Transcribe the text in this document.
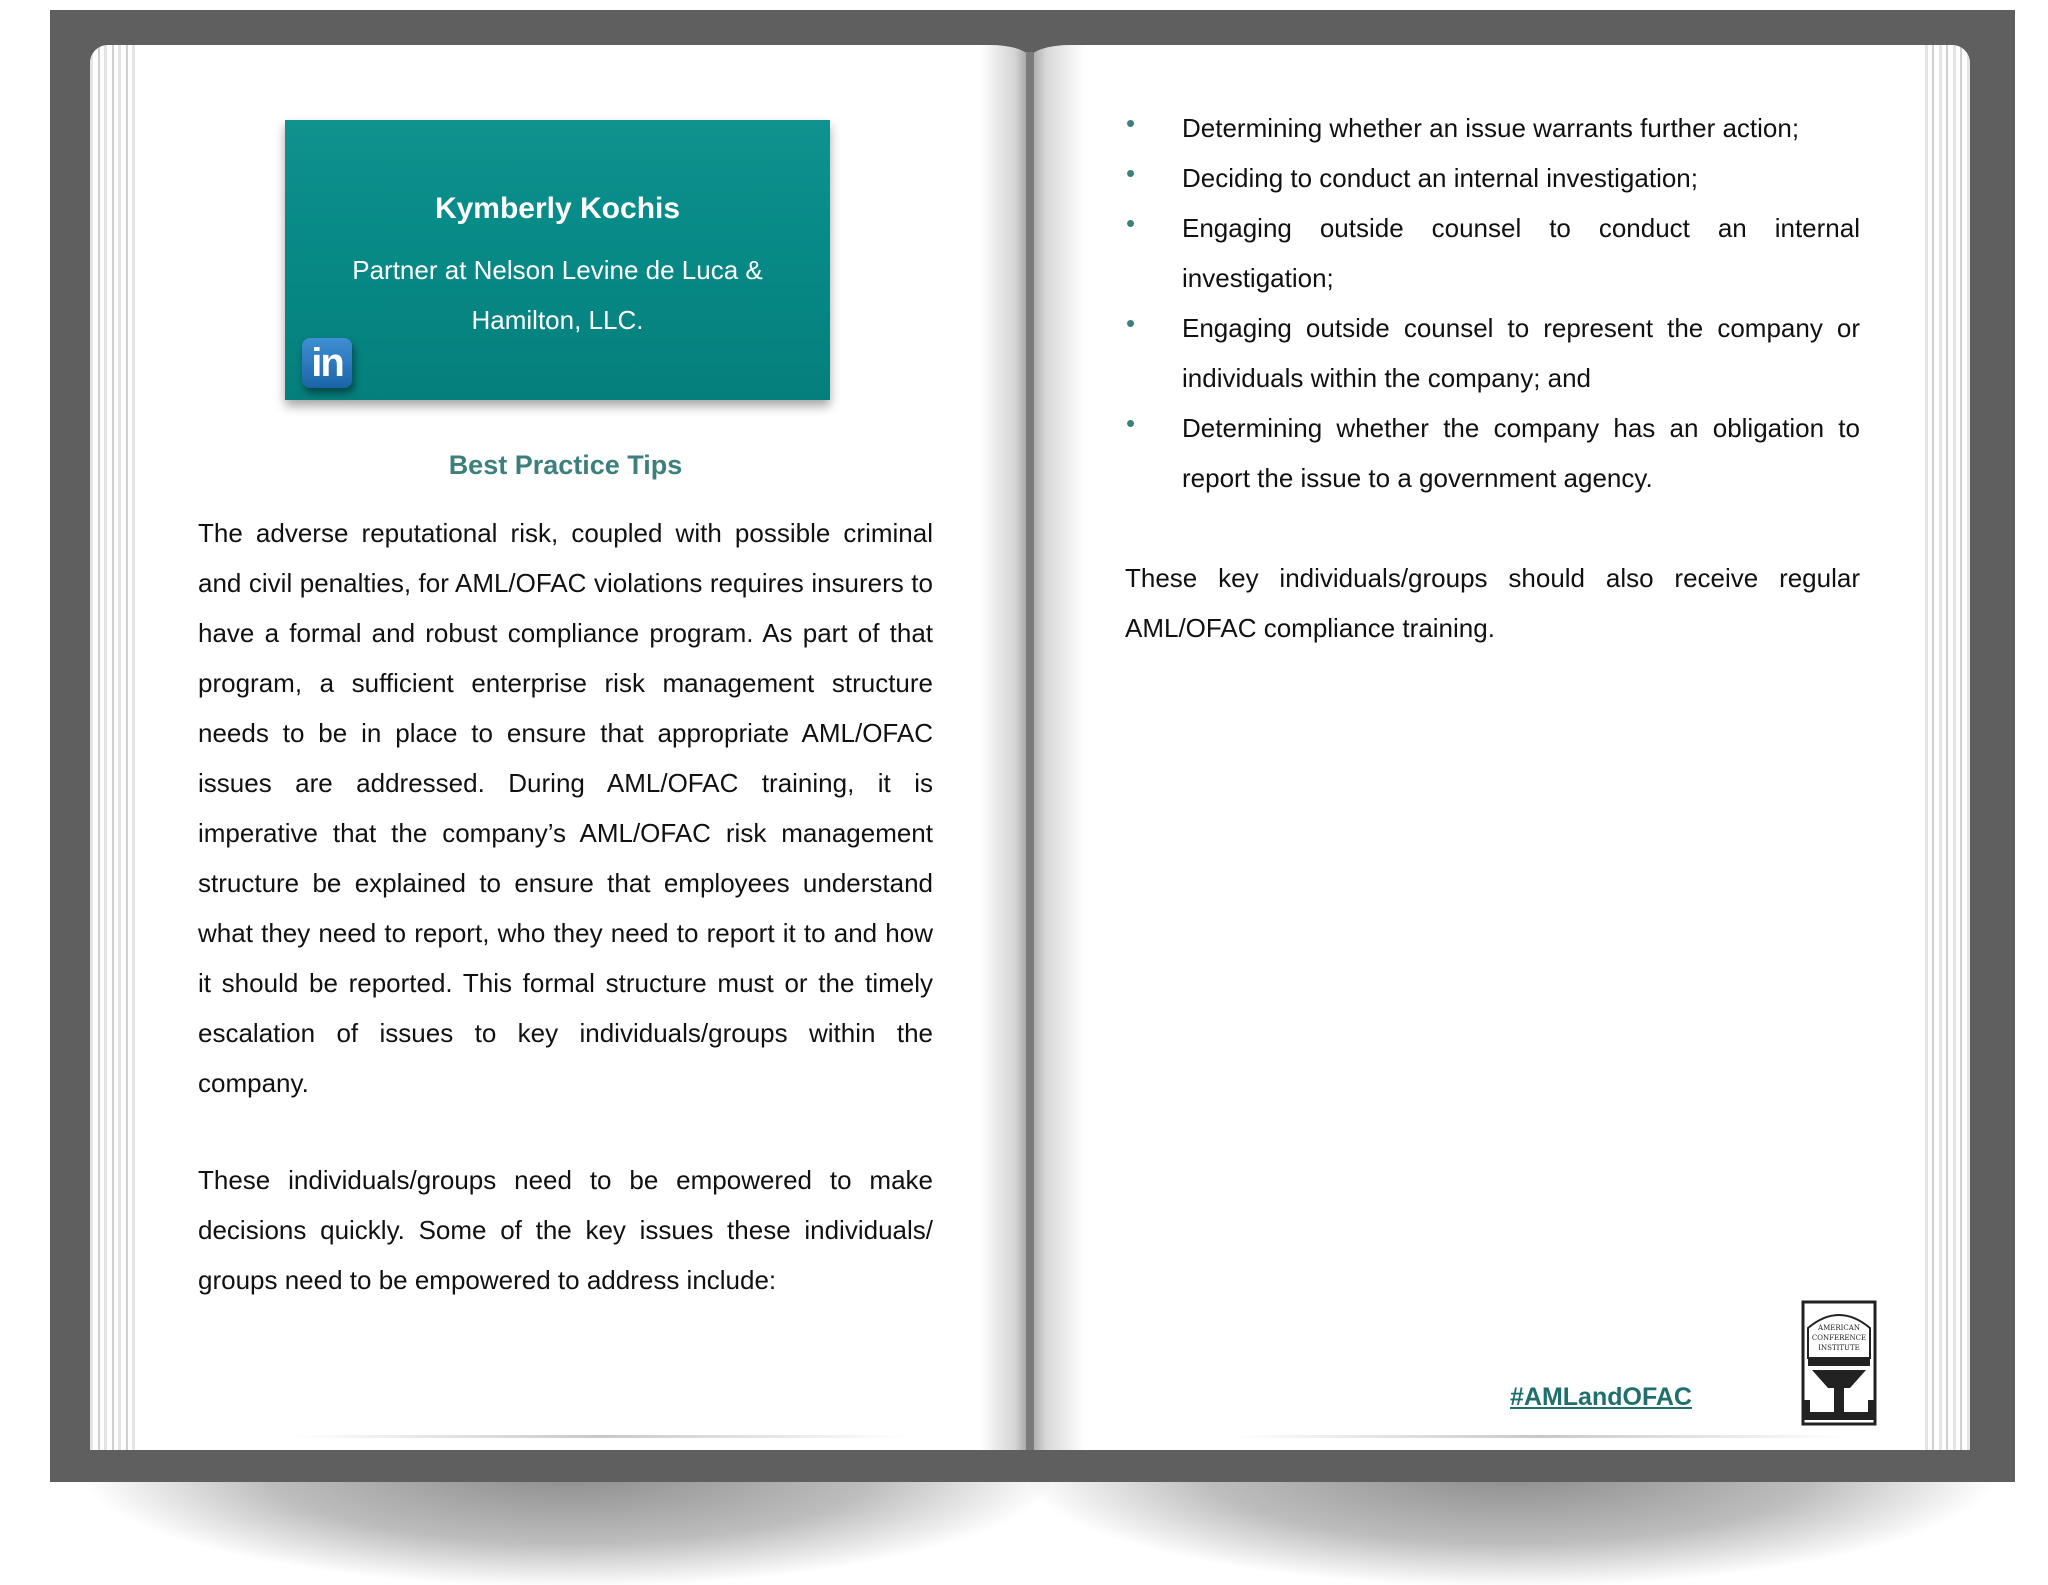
Kymberly Kochis
Partner at Nelson Levine de Luca & Hamilton, LLC.
in
Best Practice Tips

The adverse reputational risk, coupled with possible criminal and civil penalties, for AML/OFAC violations requires insurers to have a formal and robust compliance program. As part of that program, a sufficient enterprise risk management structure needs to be in place to ensure that appropriate AML/OFAC issues are addressed. During AML/OFAC training, it is imperative that the company’s AML/OFAC risk management structure be explained to ensure that employees understand what they need to report, who they need to report it to and how it should be reported. This formal structure must or the timely escalation of issues to key individuals/groups within the company.

These individuals/groups need to be empowered to make decisions quickly. Some of the key issues these individuals/ groups need to be empowered to address include:

• Determining whether an issue warrants further action;
• Deciding to conduct an internal investigation;
• Engaging outside counsel to conduct an internal investigation;
• Engaging outside counsel to represent the company or individuals within the company; and
• Determining whether the company has an obligation to report the issue to a government agency.

These key individuals/groups should also receive regular AML/OFAC compliance training.

#AMLandOFAC
AMERICAN
CONFERENCE
INSTITUTE
